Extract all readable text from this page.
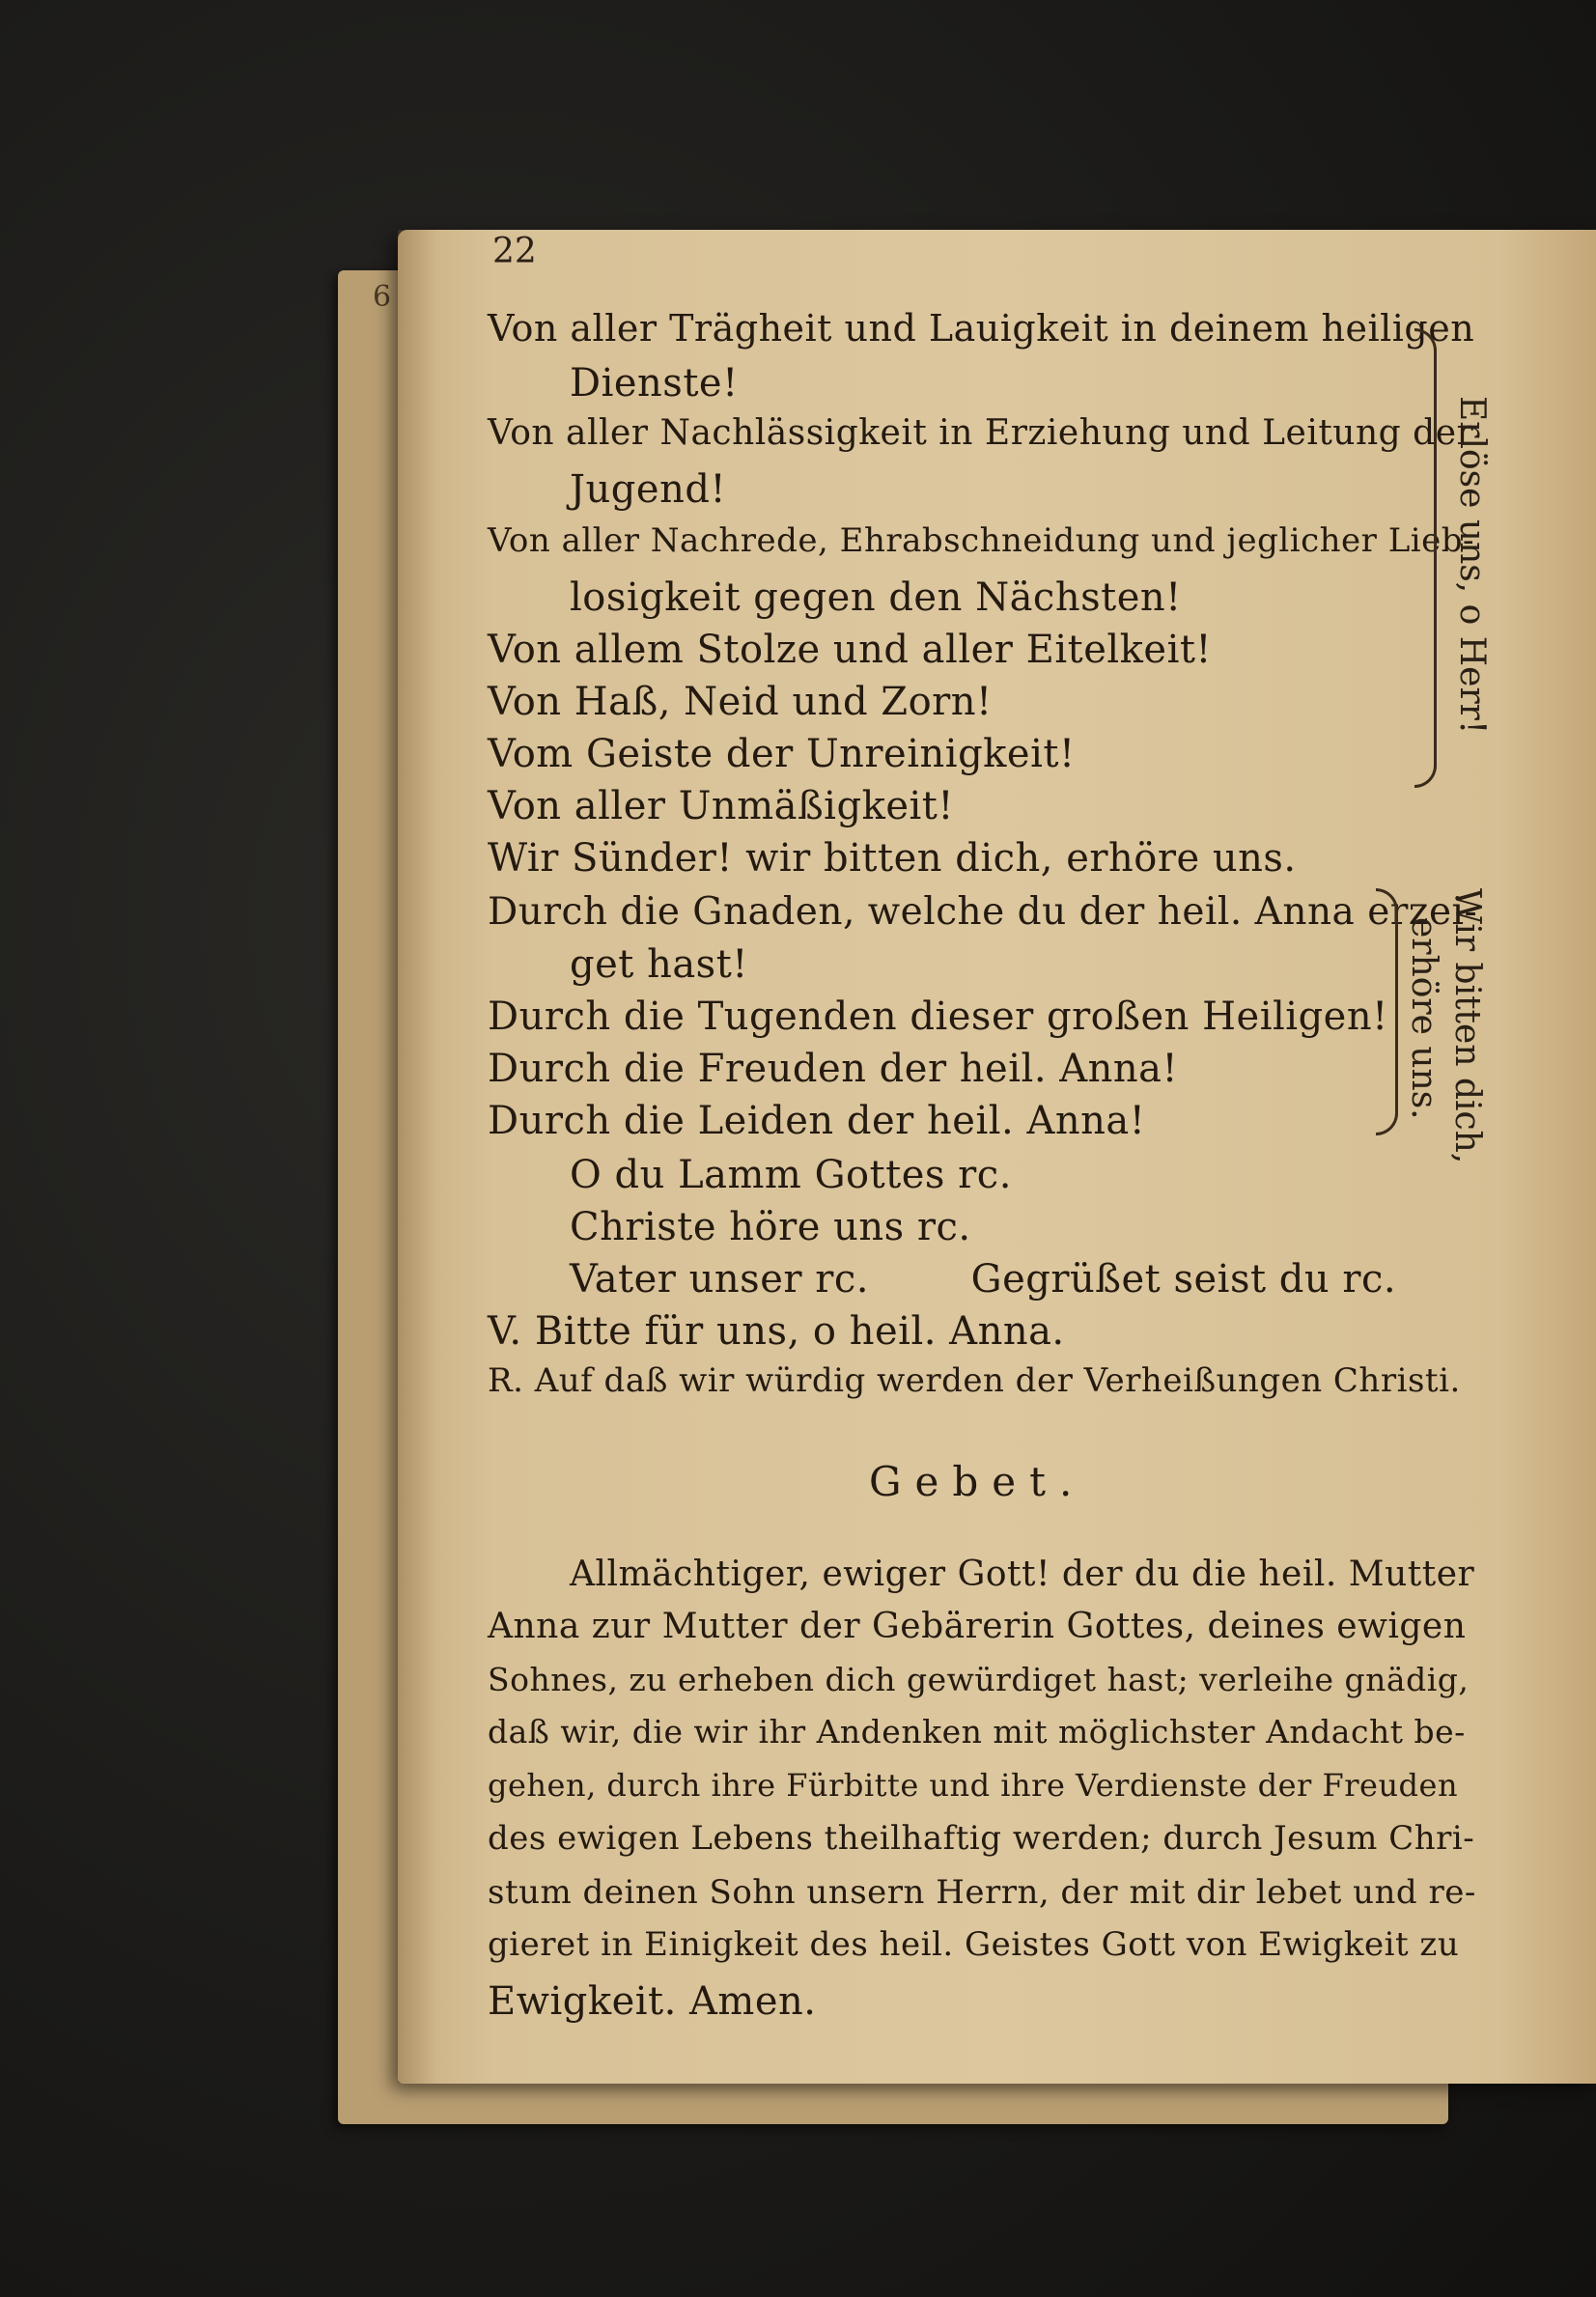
6
22
Von aller Trägheit und Lauigkeit in deinem heiligen
Dienste!
Von aller Nachlässigkeit in Erziehung und Leitung der
Jugend!
Von aller Nachrede, Ehrabschneidung und jeglicher Lieb-
losigkeit gegen den Nächsten!
Von allem Stolze und aller Eitelkeit!
Von Haß, Neid und Zorn!
Vom Geiste der Unreinigkeit!
Von aller Unmäßigkeit!
Wir Sünder! wir bitten dich, erhöre uns.
Durch die Gnaden, welche du der heil. Anna erzei-
get hast!
Durch die Tugenden dieser großen Heiligen!
Durch die Freuden der heil. Anna!
Durch die Leiden der heil. Anna!
O du Lamm Gottes rc.
Christe höre uns rc.
Vater unser rc.        Gegrüßet seist du rc.
V. Bitte für uns, o heil. Anna.
R. Auf daß wir würdig werden der Verheißungen Christi.
Erlöse uns, o Herr!
Wir bitten dich,
erhöre uns.
Gebet.
Allmächtiger, ewiger Gott! der du die heil. Mutter
Anna zur Mutter der Gebärerin Gottes, deines ewigen
Sohnes, zu erheben dich gewürdiget hast; verleihe gnädig,
daß wir, die wir ihr Andenken mit möglichster Andacht be-
gehen, durch ihre Fürbitte und ihre Verdienste der Freuden
des ewigen Lebens theilhaftig werden; durch Jesum Chri-
stum deinen Sohn unsern Herrn, der mit dir lebet und re-
gieret in Einigkeit des heil. Geistes Gott von Ewigkeit zu
Ewigkeit. Amen.
